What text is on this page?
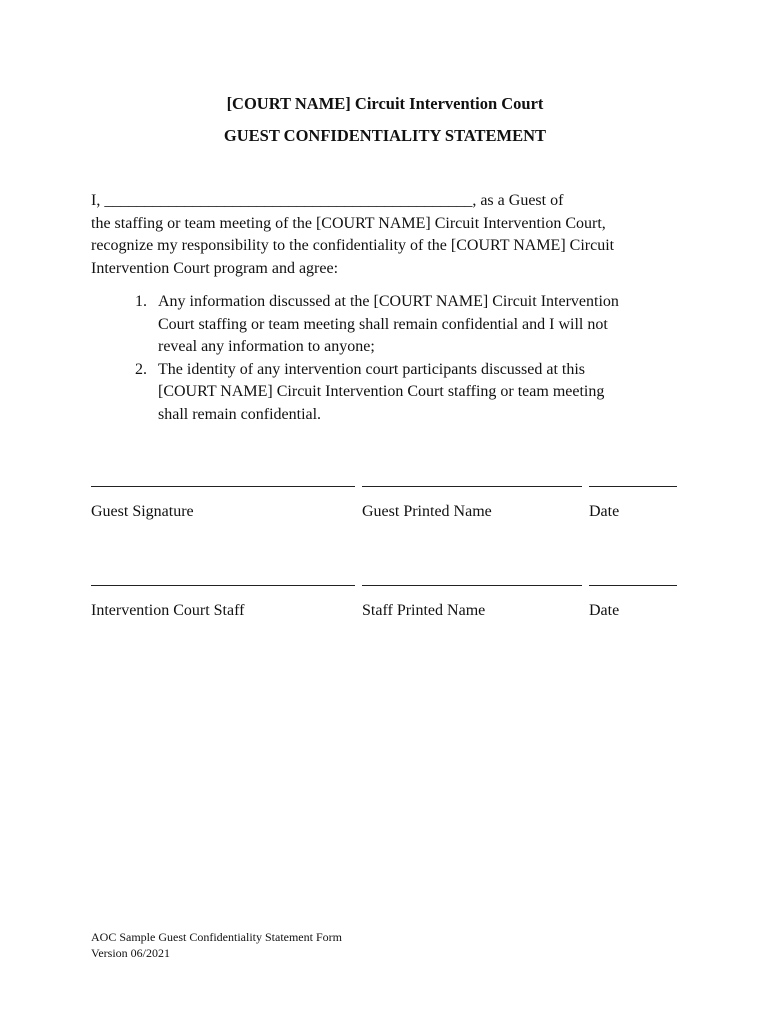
[COURT NAME] Circuit Intervention Court
GUEST CONFIDENTIALITY STATEMENT

I, ______________________________________________, as a Guest of
the staffing or team meeting of the [COURT NAME] Circuit Intervention Court,
recognize my responsibility to the confidentiality of the [COURT NAME] Circuit
Intervention Court program and agree:

1. Any information discussed at the [COURT NAME] Circuit Intervention
Court staffing or team meeting shall remain confidential and I will not
reveal any information to anyone;
2. The identity of any intervention court participants discussed at this
[COURT NAME] Circuit Intervention Court staffing or team meeting
shall remain confidential.
Guest Signature	Guest Printed Name	Date
Intervention Court Staff	Staff Printed Name	Date
AOC Sample Guest Confidentiality Statement Form
Version 06/2021
